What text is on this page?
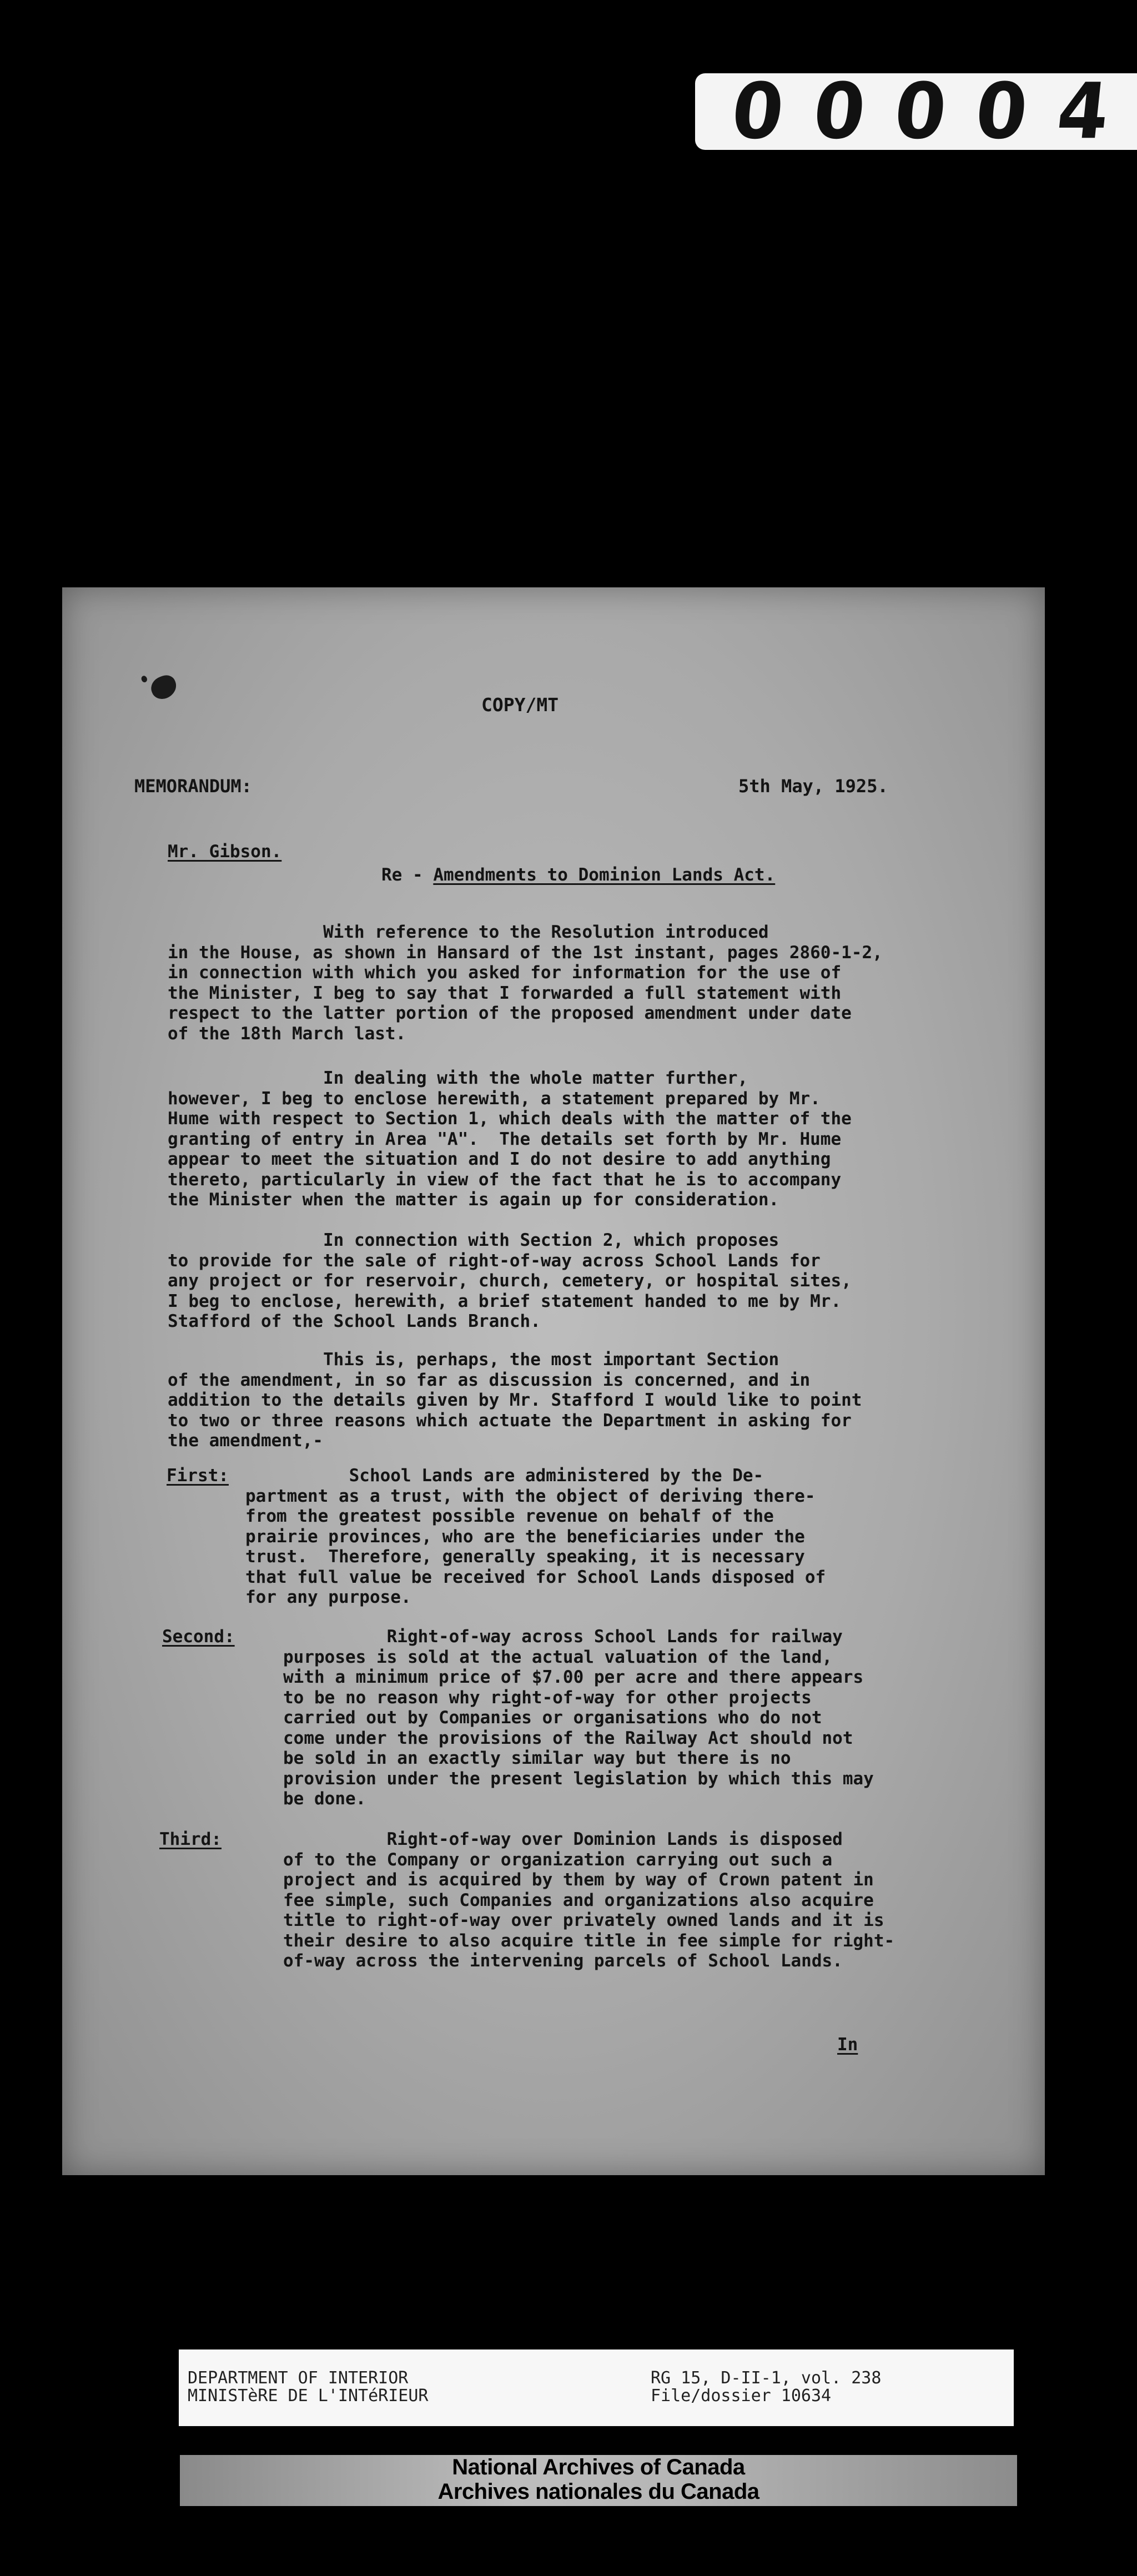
0 0 0 0 4

COPY/MT

MEMORANDUM:	5th May, 1925.

Mr. Gibson.

Re - Amendments to Dominion Lands Act.

With reference to the Resolution introduced
in the House, as shown in Hansard of the 1st instant, pages 2860-1-2,
in connection with which you asked for information for the use of
the Minister, I beg to say that I forwarded a full statement with
respect to the latter portion of the proposed amendment under date
of the 18th March last.

In dealing with the whole matter further,
however, I beg to enclose herewith, a statement prepared by Mr.
Hume with respect to Section 1, which deals with the matter of the
granting of entry in Area "A".  The details set forth by Mr. Hume
appear to meet the situation and I do not desire to add anything
thereto, particularly in view of the fact that he is to accompany
the Minister when the matter is again up for consideration.

In connection with Section 2, which proposes
to provide for the sale of right-of-way across School Lands for
any project or for reservoir, church, cemetery, or hospital sites,
I beg to enclose, herewith, a brief statement handed to me by Mr.
Stafford of the School Lands Branch.

This is, perhaps, the most important Section
of the amendment, in so far as discussion is concerned, and in
addition to the details given by Mr. Stafford I would like to point
to two or three reasons which actuate the Department in asking for
the amendment,-

First:	School Lands are administered by the De-
partment as a trust, with the object of deriving there-
from the greatest possible revenue on behalf of the
prairie provinces, who are the beneficiaries under the
trust.  Therefore, generally speaking, it is necessary
that full value be received for School Lands disposed of
for any purpose.

Second:	Right-of-way across School Lands for railway
purposes is sold at the actual valuation of the land,
with a minimum price of $7.00 per acre and there appears
to be no reason why right-of-way for other projects
carried out by Companies or organisations who do not
come under the provisions of the Railway Act should not
be sold in an exactly similar way but there is no
provision under the present legislation by which this may
be done.

Third:	Right-of-way over Dominion Lands is disposed
of to the Company or organization carrying out such a
project and is acquired by them by way of Crown patent in
fee simple, such Companies and organizations also acquire
title to right-of-way over privately owned lands and it is
their desire to also acquire title in fee simple for right-
of-way across the intervening parcels of School Lands.

In

DEPARTMENT OF INTERIOR

MINISTèRE DE L'INTéRIEUR

RG 15, D-II-1, vol. 238

File/dossier 10634

National Archives of Canada
Archives nationales du Canada
